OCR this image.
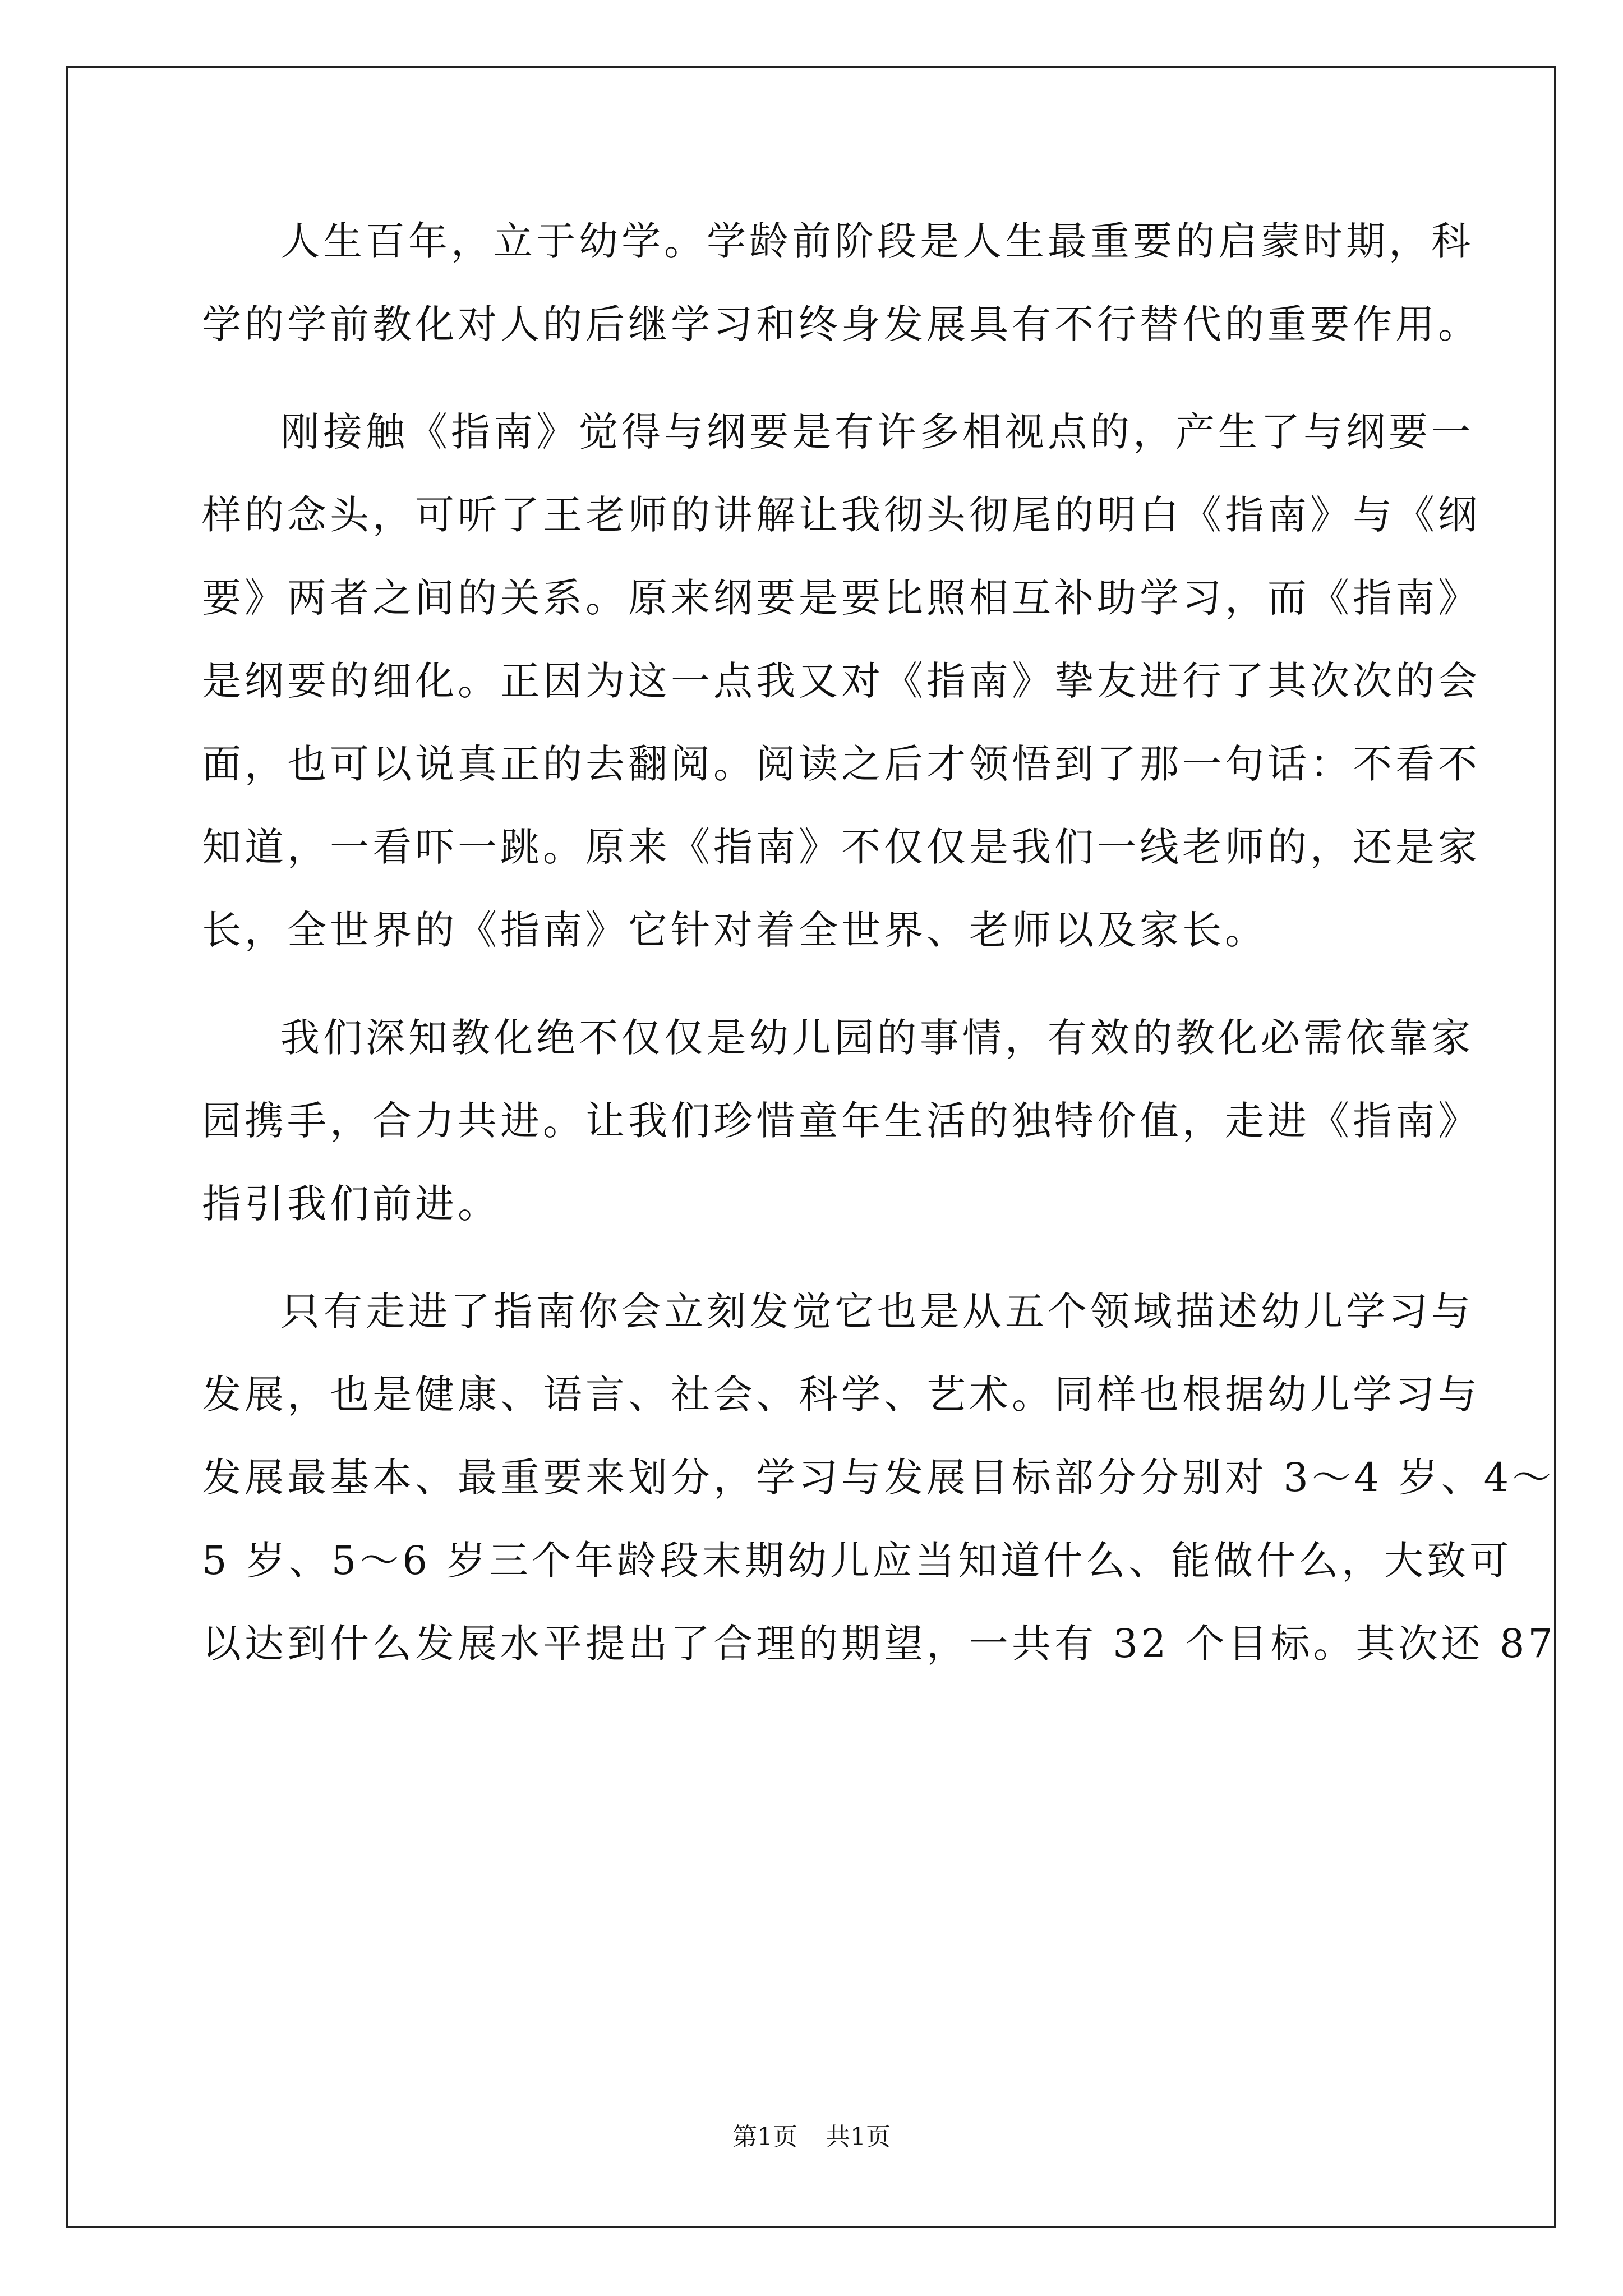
人生百年，立于幼学。学龄前阶段是人生最重要的启蒙时期，科
学的学前教化对人的后继学习和终身发展具有不行替代的重要作用。
刚接触《指南》觉得与纲要是有许多相视点的，产生了与纲要一
样的念头，可听了王老师的讲解让我彻头彻尾的明白《指南》与《纲
要》两者之间的关系。原来纲要是要比照相互补助学习，而《指南》
是纲要的细化。正因为这一点我又对《指南》挚友进行了其次次的会
面，也可以说真正的去翻阅。阅读之后才领悟到了那一句话：不看不
知道，一看吓一跳。原来《指南》不仅仅是我们一线老师的，还是家
长，全世界的《指南》它针对着全世界、老师以及家长。
我们深知教化绝不仅仅是幼儿园的事情，有效的教化必需依靠家
园携手，合力共进。让我们珍惜童年生活的独特价值，走进《指南》
指引我们前进。
只有走进了指南你会立刻发觉它也是从五个领域描述幼儿学习与
发展，也是健康、语言、社会、科学、艺术。同样也根据幼儿学习与
发展最基本、最重要来划分，学习与发展目标部分分别对 3～4 岁、4～
5 岁、5～6 岁三个年龄段末期幼儿应当知道什么、能做什么，大致可
以达到什么发展水平提出了合理的期望，一共有 32 个目标。其次还 87
第1页 共1页
